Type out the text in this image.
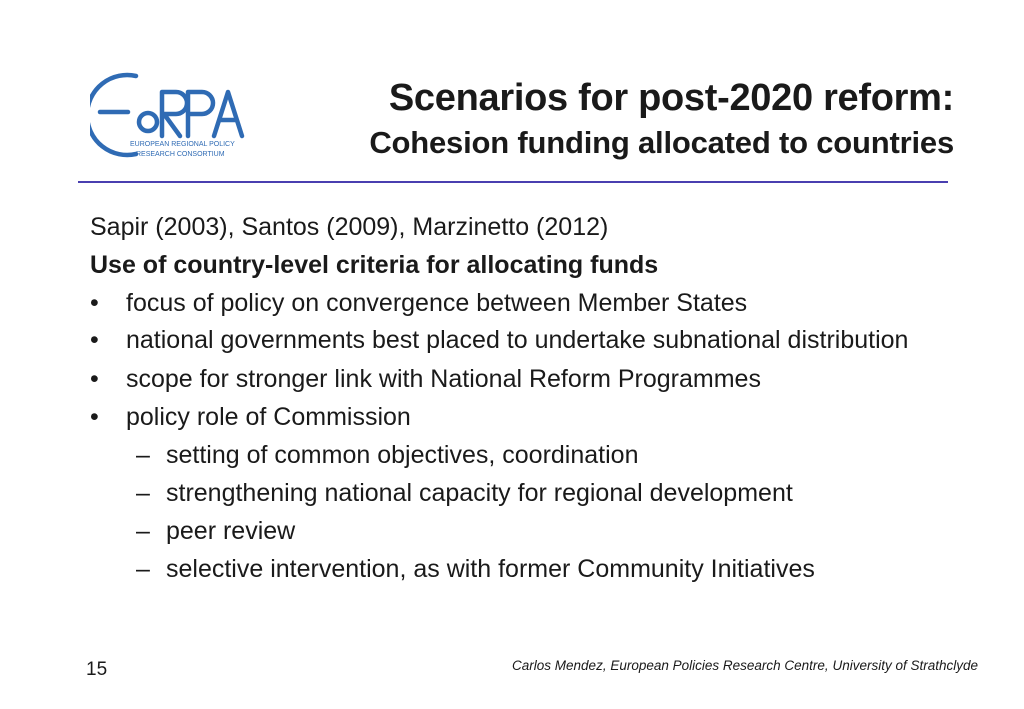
EUROPEAN REGIONAL POLICY
RESEARCH CONSORTIUM
Scenarios for post-2020 reform:
Cohesion funding allocated to countries
Sapir (2003), Santos (2009), Marzinetto (2012)
Use of country-level criteria for allocating funds
• focus of policy on convergence between Member States
• national governments best placed to undertake subnational distribution
• scope for stronger link with National Reform Programmes
• policy role of Commission
– setting of common objectives, coordination
– strengthening national capacity for regional development
– peer review
– selective intervention, as with former Community Initiatives
15	Carlos Mendez, European Policies Research Centre, University of Strathclyde
